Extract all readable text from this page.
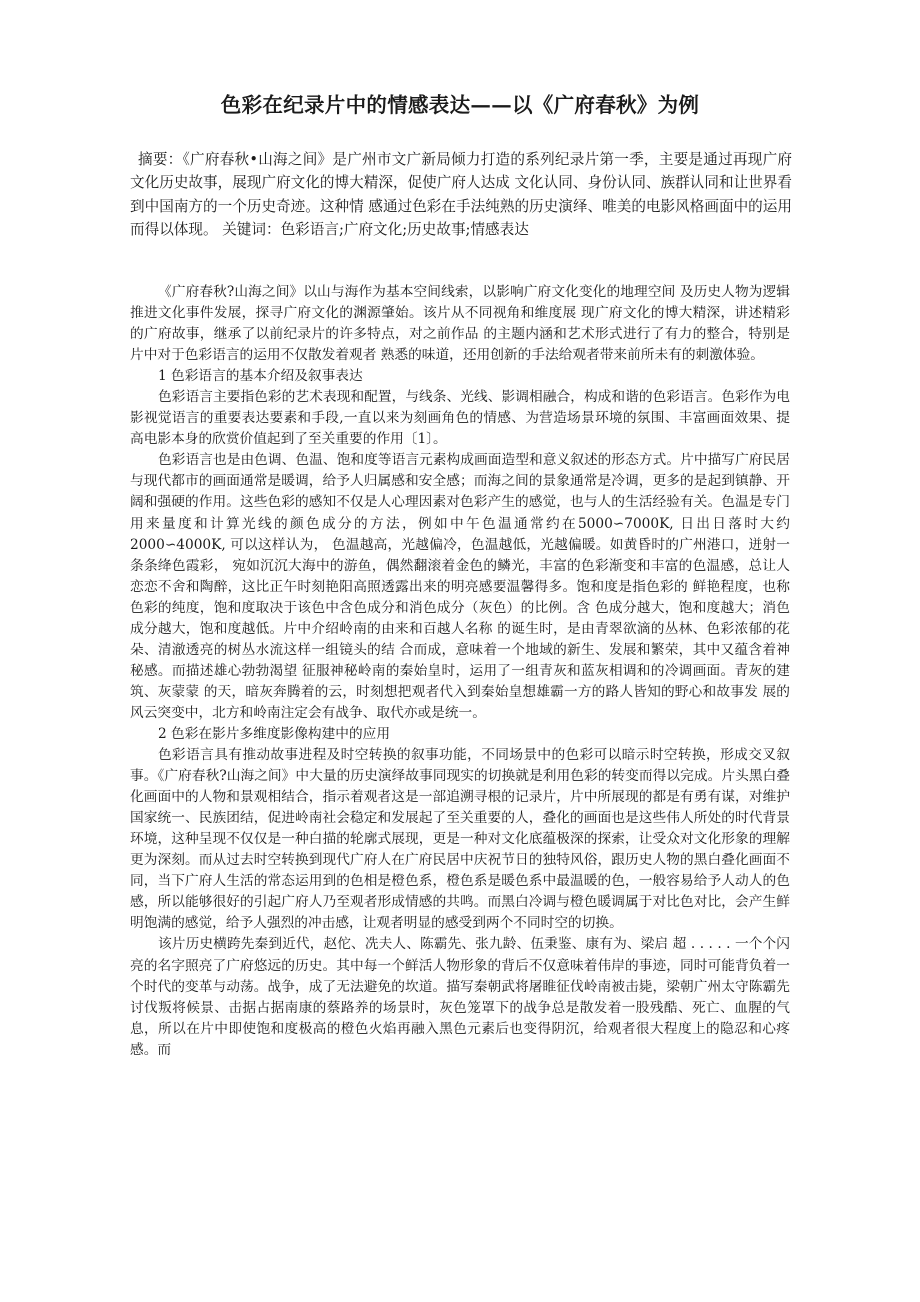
色彩在纪录片中的情感表达——以《广府春秋》为例

摘要：《广府春秋•山海之间》是广州市文广新局倾力打造的系列纪录片第一季，主要是通过再现广府文化历史故事，展现广府文化的博大精深，促使广府人达成 文化认同、身份认同、族群认同和让世界看到中国南方的一个历史奇迹。这种情 感通过色彩在手法纯熟的历史演绎、唯美的电影风格画面中的运用而得以体现。 关键词：色彩语言;广府文化;历史故事;情感表达

《广府春秋?山海之间》以山与海作为基本空间线索，以影响广府文化变化的地理空间 及历史人物为逻辑推进文化事件发展，探寻广府文化的渊源肇始。该片从不同视角和维度展 现广府文化的博大精深，讲述精彩的广府故事，继承了以前纪录片的许多特点，对之前作品 的主题内涵和艺术形式进行了有力的整合，特别是片中对于色彩语言的运用不仅散发着观者 熟悉的味道，还用创新的手法给观者带来前所未有的刺激体验。

1 色彩语言的基本介绍及叙事表达

色彩语言主要指色彩的艺术表现和配置，与线条、光线、影调相融合，构成和谐的色彩语言。色彩作为电影视觉语言的重要表达要素和手段,一直以来为刻画角色的情感、为营造场景环境的氛围、丰富画面效果、提高电影本身的欣赏价值起到了至关重要的作用〔1〕。

色彩语言也是由色调、色温、饱和度等语言元素构成画面造型和意义叙述的形态方式。片中描写广府民居与现代都市的画面通常是暖调，给予人归属感和安全感；而海之间的景象通常是冷调，更多的是起到镇静、开阔和强硬的作用。这些色彩的感知不仅是人心理因素对色彩产生的感觉，也与人的生活经验有关。色温是专门用来量度和计算光线的颜色成分的方法，例如中午色温通常约在5000∽7000K, 日出日落时大约2000∽4000K, 可以这样认为， 色温越高，光越偏冷，色温越低，光越偏暖。如黄昏时的广州港口，迸射一条条绛色霞彩， 宛如沉沉大海中的游鱼，偶然翻滚着金色的鳞光，丰富的色彩渐变和丰富的色温感，总让人 恋恋不舍和陶醉，这比正午时刻艳阳高照透露出来的明亮感要温馨得多。饱和度是指色彩的 鲜艳程度，也称色彩的纯度，饱和度取决于该色中含色成分和消色成分（灰色）的比例。含 色成分越大，饱和度越大；消色成分越大，饱和度越低。片中介绍岭南的由来和百越人名称 的诞生时，是由青翠欲滴的丛林、色彩浓郁的花朵、清澈透亮的树丛水流这样一组镜头的结 合而成，意味着一个地域的新生、发展和繁荣，其中又蕴含着神秘感。而描述雄心勃勃渴望 征服神秘岭南的秦始皇时，运用了一组青灰和蓝灰相调和的冷调画面。青灰的建筑、灰蒙蒙 的天，暗灰奔腾着的云，时刻想把观者代入到秦始皇想雄霸一方的路人皆知的野心和故事发 展的风云突变中，北方和岭南注定会有战争、取代亦或是统一。

2 色彩在影片多维度影像构建中的应用

色彩语言具有推动故事进程及时空转换的叙事功能，不同场景中的色彩可以暗示时空转换，形成交叉叙事。《广府春秋?山海之间》中大量的历史演绎故事同现实的切换就是利用色彩的转变而得以完成。片头黑白叠化画面中的人物和景观相结合，指示着观者这是一部追溯寻根的记录片，片中所展现的都是有勇有谋，对维护国家统一、民族团结，促进岭南社会稳定和发展起了至关重要的人，叠化的画面也是这些伟人所处的时代背景环境，这种呈现不仅仅是一种白描的轮廓式展现，更是一种对文化底蕴极深的探索，让受众对文化形象的理解更为深刻。而从过去时空转换到现代广府人在广府民居中庆祝节日的独特风俗，跟历史人物的黑白叠化画面不同，当下广府人生活的常态运用到的色相是橙色系，橙色系是暖色系中最温暖的色，一般容易给予人动人的色感，所以能够很好的引起广府人乃至观者形成情感的共鸣。而黑白冷调与橙色暖调属于对比色对比，会产生鲜明饱满的感觉，给予人强烈的冲击感，让观者明显的感受到两个不同时空的切换。

该片历史横跨先秦到近代，赵佗、冼夫人、陈霸先、张九龄、伍秉鉴、康有为、梁启 超 . . . . . 一个个闪亮的名字照亮了广府悠远的历史。其中每一个鲜活人物形象的背后不仅意味着伟岸的事迹，同时可能背负着一个时代的变革与动荡。战争，成了无法避免的坎道。描写秦朝武将屠睢征伐岭南被击毙，梁朝广州太守陈霸先讨伐叛将候景、击据占据南康的蔡路养的场景时，灰色笼罩下的战争总是散发着一股残酷、死亡、血腥的气息，所以在片中即使饱和度极高的橙色火焰再融入黑色元素后也变得阴沉，给观者很大程度上的隐忍和心疼感。而
